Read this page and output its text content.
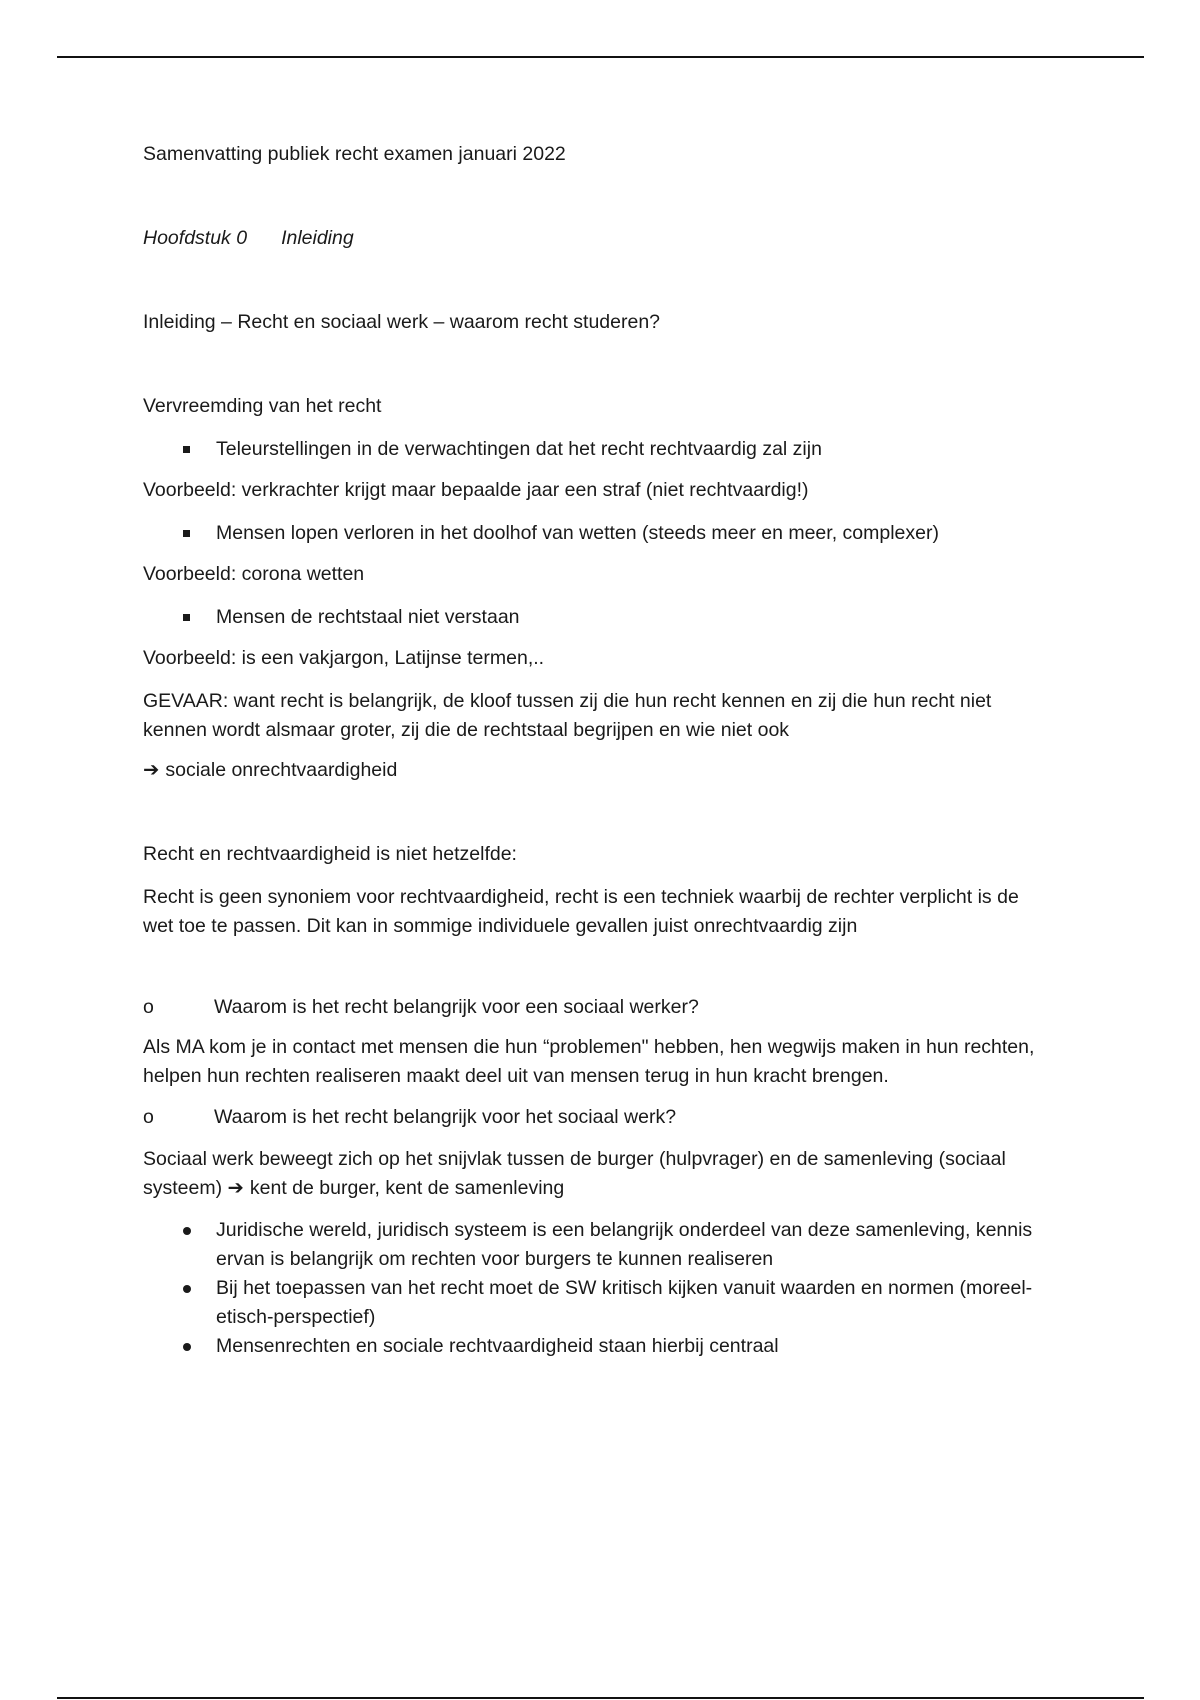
Samenvatting publiek recht examen januari 2022
Hoofdstuk 0 Inleiding
Inleiding – Recht en sociaal werk – waarom recht studeren?
Vervreemding van het recht
Teleurstellingen in de verwachtingen dat het recht rechtvaardig zal zijn
Voorbeeld: verkrachter krijgt maar bepaalde jaar een straf (niet rechtvaardig!)
Mensen lopen verloren in het doolhof van wetten (steeds meer en meer, complexer)
Voorbeeld: corona wetten
Mensen de rechtstaal niet verstaan
Voorbeeld: is een vakjargon, Latijnse termen,..
GEVAAR: want recht is belangrijk, de kloof tussen zij die hun recht kennen en zij die hun recht niet kennen wordt alsmaar groter, zij die de rechtstaal begrijpen en wie niet ook
➔ sociale onrechtvaardigheid
Recht en rechtvaardigheid is niet hetzelfde:
Recht is geen synoniem voor rechtvaardigheid, recht is een techniek waarbij de rechter verplicht is de wet toe te passen. Dit kan in sommige individuele gevallen juist onrechtvaardig zijn
o	Waarom is het recht belangrijk voor een sociaal werker?
Als MA kom je in contact met mensen die hun “problemen" hebben, hen wegwijs maken in hun rechten, helpen hun rechten realiseren maakt deel uit van mensen terug in hun kracht brengen.
o	Waarom is het recht belangrijk voor het sociaal werk?
Sociaal werk beweegt zich op het snijvlak tussen de burger (hulpvrager) en de samenleving (sociaal systeem) ➔ kent de burger, kent de samenleving
Juridische wereld, juridisch systeem is een belangrijk onderdeel van deze samenleving, kennis ervan is belangrijk om rechten voor burgers te kunnen realiseren
Bij het toepassen van het recht moet de SW kritisch kijken vanuit waarden en normen (moreel-etisch-perspectief)
Mensenrechten en sociale rechtvaardigheid staan hierbij centraal
